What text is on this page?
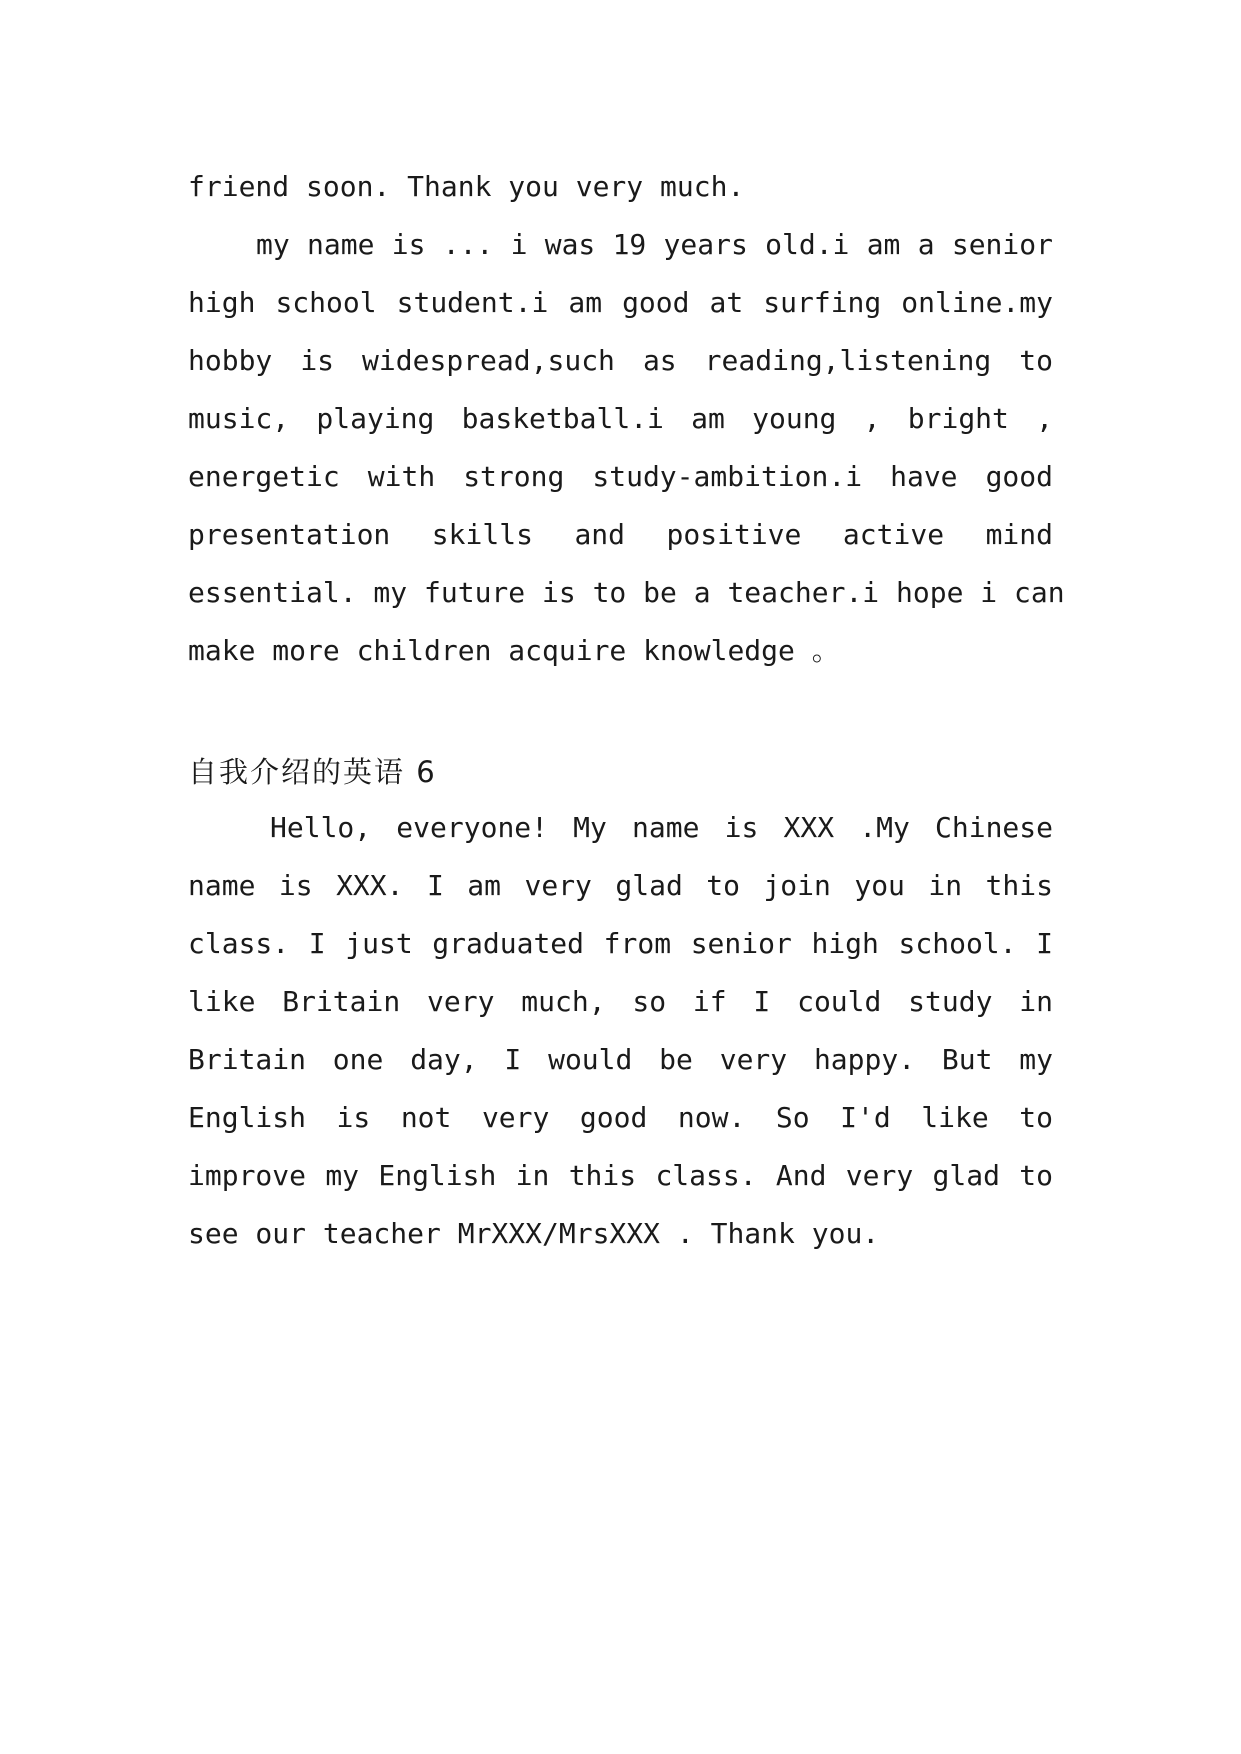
friend soon. Thank you very much.
my name is ... i was 19 years old.i am a senior
high school student.i am good at surfing online.my
hobby is widespread,such as reading,listening to
music, playing basketball.i am young , bright ,
energetic with strong study-ambition.i have good
presentation skills and positive active mind
essential. my future is to be a teacher.i hope i can
make more children acquire knowledge 。
自我介绍的英语 6
Hello, everyone! My name is XXX .My Chinese
name is XXX. I am very glad to join you in this
class. I just graduated from senior high school. I
like Britain very much, so if I could study in
Britain one day, I would be very happy. But my
English is not very good now. So I'd like to
improve my English in this class. And very glad to
see our teacher MrXXX/MrsXXX . Thank you.
